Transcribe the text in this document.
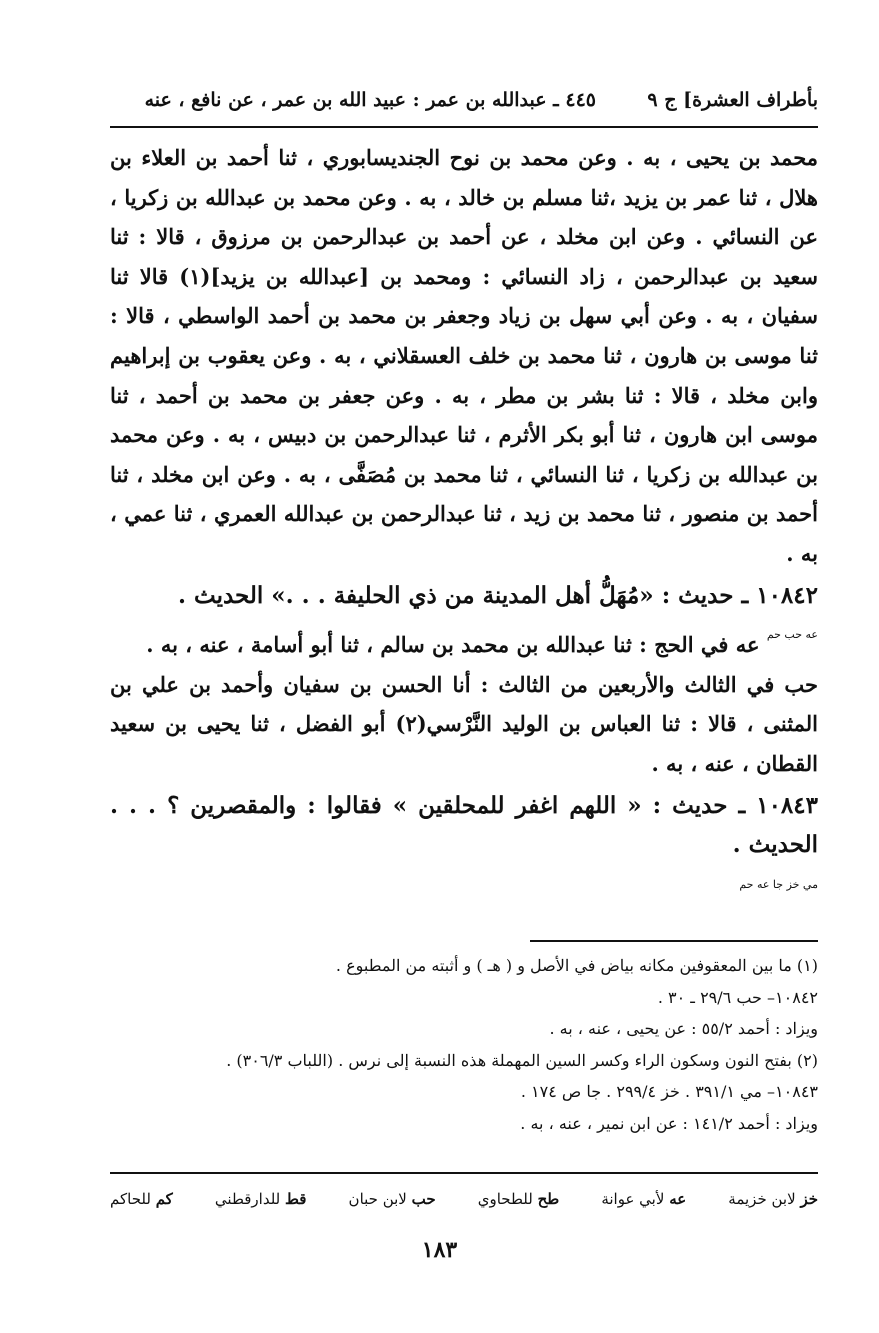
بأطراف العشرة] ج ٩
٤٤٥ ـ عبدالله بن عمر : عبيد الله بن عمر ، عن نافع ، عنه

محمد بن يحيى ، به . وعن محمد بن نوح الجنديسابوري ، ثنا أحمد بن العلاء بن هلال ، ثنا عمر بن يزيد ،ثنا مسلم بن خالد ، به . وعن محمد بن عبدالله بن زكريا ، عن النسائي . وعن ابن مخلد ، عن أحمد بن عبدالرحمن بن مرزوق ، قالا : ثنا سعيد بن عبدالرحمن ، زاد النسائي : ومحمد بن [عبدالله بن يزيد](١) قالا ثنا سفيان ، به . وعن أبي سهل بن زياد وجعفر بن محمد بن أحمد الواسطي ، قالا : ثنا موسى بن هارون ، ثنا محمد بن خلف العسقلاني ، به . وعن يعقوب بن إبراهيم وابن مخلد ، قالا : ثنا بشر بن مطر ، به . وعن جعفر بن محمد بن أحمد ، ثنا موسى ابن هارون ، ثنا أبو بكر الأثرم ، ثنا عبدالرحمن بن دبيس ، به . وعن محمد بن عبدالله بن زكريا ، ثنا النسائي ، ثنا محمد بن مُصَفَّى ، به . وعن ابن مخلد ، ثنا أحمد بن منصور ، ثنا محمد بن زيد ، ثنا عبدالرحمن بن عبدالله العمري ، ثنا عمي ، به .

١٠٨٤٢ ـ حديث : «مُهَلُّ أهل المدينة من ذي الحليفة . . .» الحديث .

$^{عه حب حم}$ عه في الحج : ثنا عبدالله بن محمد بن سالم ، ثنا أبو أسامة ، عنه ، به .

حب في الثالث والأربعين من الثالث : أنا الحسن بن سفيان وأحمد بن علي بن المثنى ، قالا : ثنا العباس بن الوليد النَّرْسي(٢) أبو الفضل ، ثنا يحيى بن سعيد القطان ، عنه ، به .

١٠٨٤٣ ـ حديث : « اللهم اغفر للمحلقين » فقالوا : والمقصرين ؟ . . . الحديث .

$^{مي خز جا عه حم}$

(١) ما بين المعقوفين مكانه بياض في الأصل و ( هـ ) و أثبته من المطبوع .

١٠٨٤٢– حب ٢٩/٦ ـ ٣٠ .

ويزاد : أحمد ٥٥/٢ : عن يحيى ، عنه ، به .

(٢) بفتح النون وسكون الراء وكسر السين المهملة هذه النسبة إلى نرس . (اللباب ٣٠٦/٣) .

١٠٨٤٣– مي ٣٩١/١ . خز ٢٩٩/٤ . جا ص ١٧٤ .

ويزاد : أحمد ١٤١/٢ : عن ابن نمير ، عنه ، به .

خز لابن خزيمة
عه لأبي عوانة
طح للطحاوي
حب لابن حبان
قط للدارقطني
كم للحاكم
١٨٣
